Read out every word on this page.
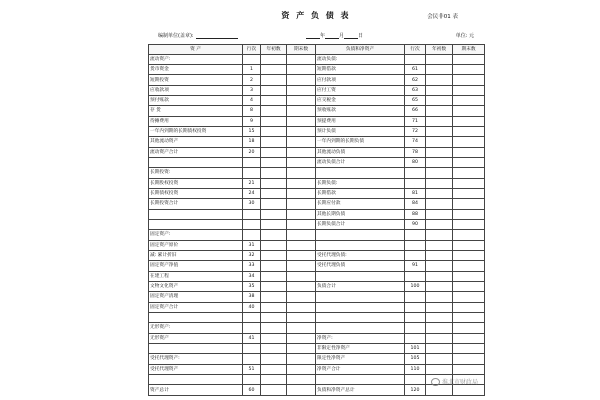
资 产 负 债 表	会民非01 表
编制单位(盖章):	年	月	日	单位: 元
资 产	行次	年初数	期末数	负债和净资产	行次	年初数	期末数
流动资产:				流动负债:			
货币资金	1			短期借款	61		
短期投资	2			应付款项	62		
应收款项	3			应付工资	63		
预付账款	4			应交税金	65		
存 货	8			预收账款	66		
待摊费用	9			预提费用	71		
一年内到期的长期债权投资	15			预计负债	72		
其他流动资产	18			一年内到期的长期负债	74		
流动资产合计	20			其他流动负债	78		
				流动负债合计	80		
长期投资:							
长期股权投资	21			长期负债:			
长期债权投资	24			长期借款	81		
长期投资合计	30			长期应付款	84		
				其他长期负债	88		
				长期负债合计	90		
固定资产:							
固定资产原价	31						
减: 累计折旧	32			受托代理负债:			
固定资产净值	33			受托代理负债	91		
在建工程	34						
文物文化资产	35			负债合计	100		
固定资产清理	38						
固定资产合计	40						

无形资产:							
无形资产	41			净资产:			
				非限定性净资产	101		
受托代理资产:				限定性净资产	105		
受托代理资产	51			净资产合计	110		

资产总计	60			负债和净资产总计	120		
淮北市财政局
